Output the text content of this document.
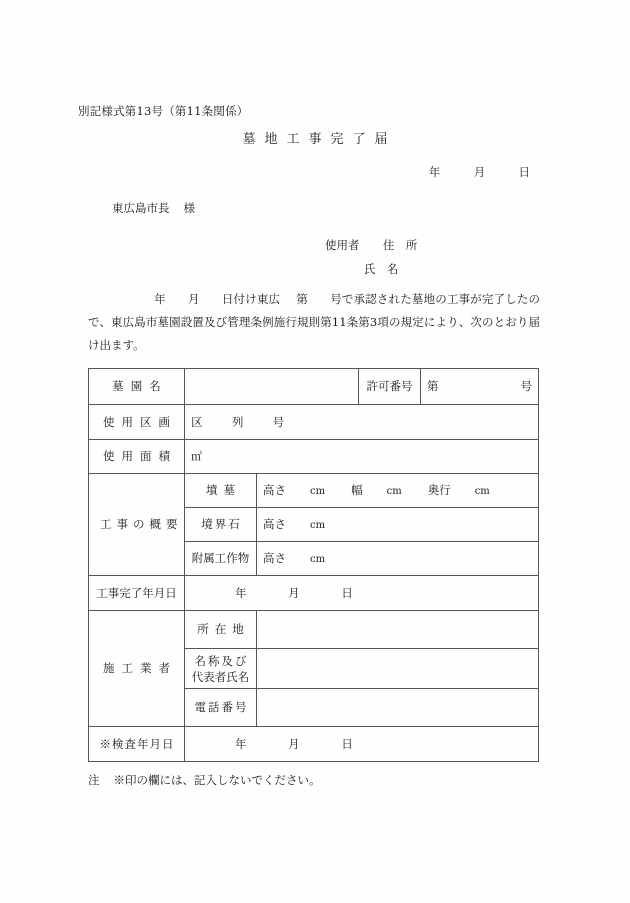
別記様式第13号（第11条関係）
墓地工事完了届
年	月	日
東広島市長 様
使用者 住　所
氏　名
年 月 日付け東広 第 号で承認された墓地の工事が完了したので、東広島市墓園設置及び管理条例施行規則第11条第3項の規定により、次のとおり届け出ます。
墓園名			許可番号	第 号

使用区画	区 列 号			
使用面積	㎡			
工事の概要	墳墓	高さ cm 幅 cm 奥行 cm		
	境界石	高さ cm		
	附属工作物	高さ cm		
工事完了年月日	年 月 日			
施工業者	所在地			

	名称及び
代表者氏名			

	電話番号			
※検査年月日	年 月 日			
注 ※印の欄には、記入しないでください。
